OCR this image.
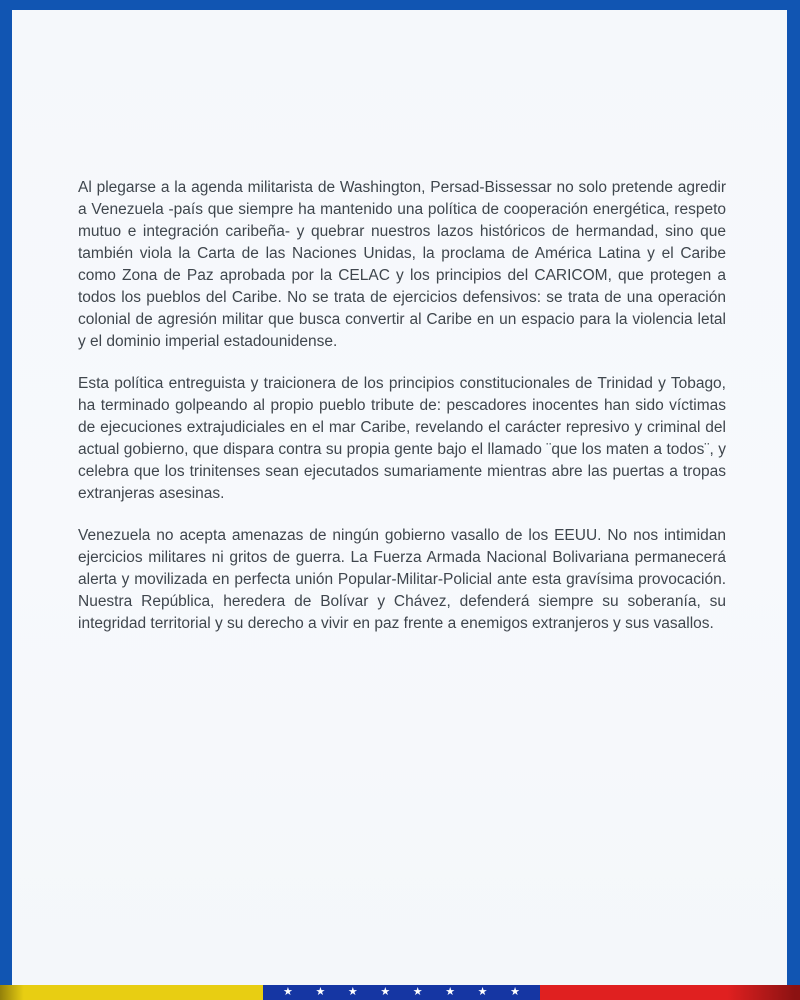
Al plegarse a la agenda militarista de Washington, Persad-Bissessar no solo pretende agredir a Venezuela -país que siempre ha mantenido una política de cooperación energética, respeto mutuo e integración caribeña- y quebrar nuestros lazos históricos de hermandad, sino que también viola la Carta de las Naciones Unidas, la proclama de América Latina y el Caribe como Zona de Paz aprobada por la CELAC y los principios del CARICOM, que protegen a todos los pueblos del Caribe. No se trata de ejercicios defensivos: se trata de una operación colonial de agresión militar que busca convertir al Caribe en un espacio para la violencia letal y el dominio imperial estadounidense.

Esta política entreguista y traicionera de los principios constitucionales de Trinidad y Tobago, ha terminado golpeando al propio pueblo tribute de: pescadores inocentes han sido víctimas de ejecuciones extrajudiciales en el mar Caribe, revelando el carácter represivo y criminal del actual gobierno, que dispara contra su propia gente bajo el llamado ¨que los maten a todos¨, y celebra que los trinitenses sean ejecutados sumariamente mientras abre las puertas a tropas extranjeras asesinas.

Venezuela no acepta amenazas de ningún gobierno vasallo de los EEUU. No nos intimidan ejercicios militares ni gritos de guerra. La Fuerza Armada Nacional Bolivariana permanecerá alerta y movilizada en perfecta unión Popular-Militar-Policial ante esta gravísima provocación. Nuestra República, heredera de Bolívar y Chávez, defenderá siempre su soberanía, su integridad territorial y su derecho a vivir en paz frente a enemigos extranjeros y sus vasallos.

★ ★ ★ ★ ★ ★ ★ ★
